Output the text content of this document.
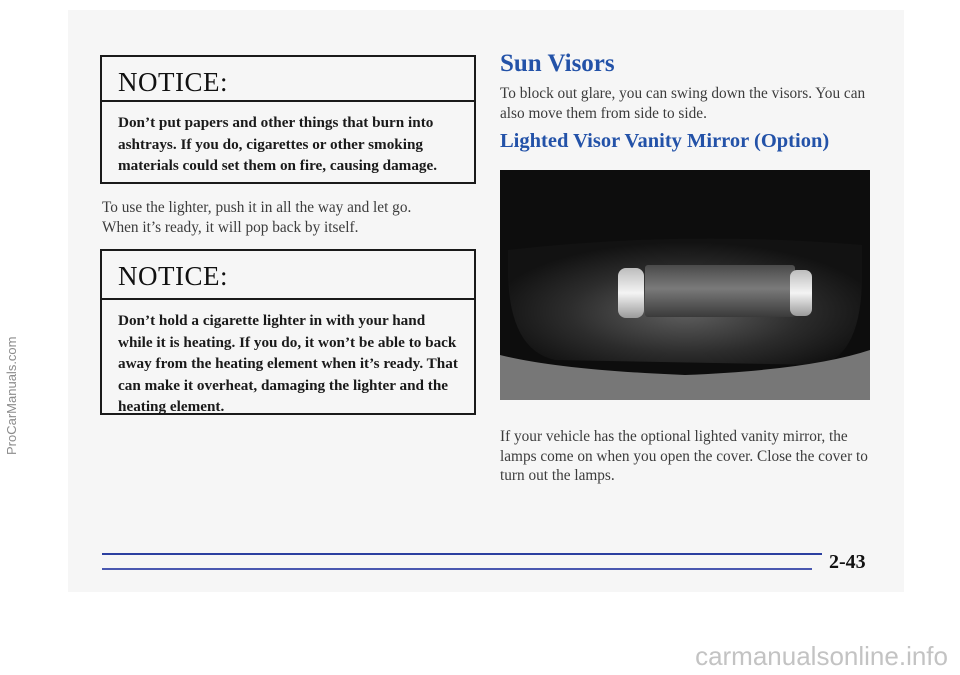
NOTICE:
Don’t put papers and other things that burn into ashtrays. If you do, cigarettes or other smoking materials could set them on fire, causing damage.
To use the lighter, push it in all the way and let go. When it’s ready, it will pop back by itself.
NOTICE:
Don’t hold a cigarette lighter in with your hand while it is heating. If you do, it won’t be able to back away from the heating element when it’s ready. That can make it overheat, damaging the lighter and the heating element.
Sun Visors
To block out glare, you can swing down the visors. You can also move them from side to side.
Lighted Visor Vanity Mirror (Option)
If your vehicle has the optional lighted vanity mirror, the lamps come on when you open the cover. Close the cover to turn out the lamps.
2-43
ProCarManuals.com
carmanualsonline.info
